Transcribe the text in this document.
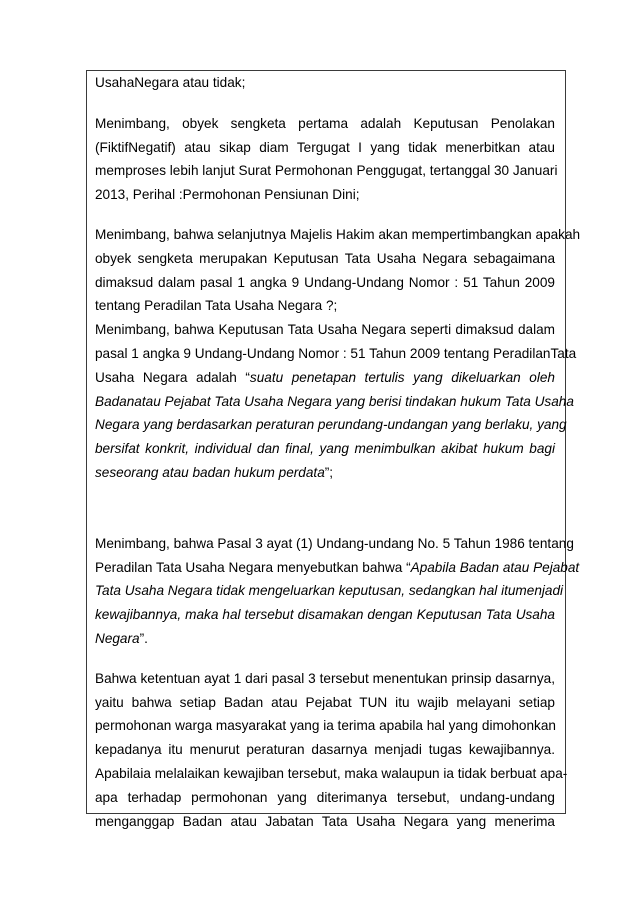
UsahaNegara atau tidak;
Menimbang, obyek sengketa pertama adalah Keputusan Penolakan
(FiktifNegatif) atau sikap diam Tergugat I yang tidak menerbitkan atau
memproses lebih lanjut Surat Permohonan Penggugat, tertanggal 30 Januari
2013, Perihal :Permohonan Pensiunan Dini;
Menimbang, bahwa selanjutnya Majelis Hakim akan mempertimbangkan apakah
obyek sengketa merupakan Keputusan Tata Usaha Negara sebagaimana
dimaksud dalam pasal 1 angka 9 Undang-Undang Nomor : 51 Tahun 2009
tentang Peradilan Tata Usaha Negara ?;
Menimbang, bahwa Keputusan Tata Usaha Negara seperti dimaksud dalam
pasal 1 angka 9 Undang-Undang Nomor : 51 Tahun 2009 tentang PeradilanTata
Usaha Negara adalah “suatu penetapan tertulis yang dikeluarkan oleh
Badanatau Pejabat Tata Usaha Negara yang berisi tindakan hukum Tata Usaha
Negara yang berdasarkan peraturan perundang-undangan yang berlaku, yang
bersifat konkrit, individual dan final, yang menimbulkan akibat hukum bagi
seseorang atau badan hukum perdata”;
Menimbang, bahwa Pasal 3 ayat (1) Undang-undang No. 5 Tahun 1986 tentang
Peradilan Tata Usaha Negara menyebutkan bahwa “Apabila Badan atau Pejabat
Tata Usaha Negara tidak mengeluarkan keputusan, sedangkan hal itumenjadi
kewajibannya, maka hal tersebut disamakan dengan Keputusan Tata Usaha
Negara”.
Bahwa ketentuan ayat 1 dari pasal 3 tersebut menentukan prinsip dasarnya,
yaitu bahwa setiap Badan atau Pejabat TUN itu wajib melayani setiap
permohonan warga masyarakat yang ia terima apabila hal yang dimohonkan
kepadanya itu menurut peraturan dasarnya menjadi tugas kewajibannya.
Apabilaia melalaikan kewajiban tersebut, maka walaupun ia tidak berbuat apa-
apa terhadap permohonan yang diterimanya tersebut, undang-undang
menganggap Badan atau Jabatan Tata Usaha Negara yang menerima
